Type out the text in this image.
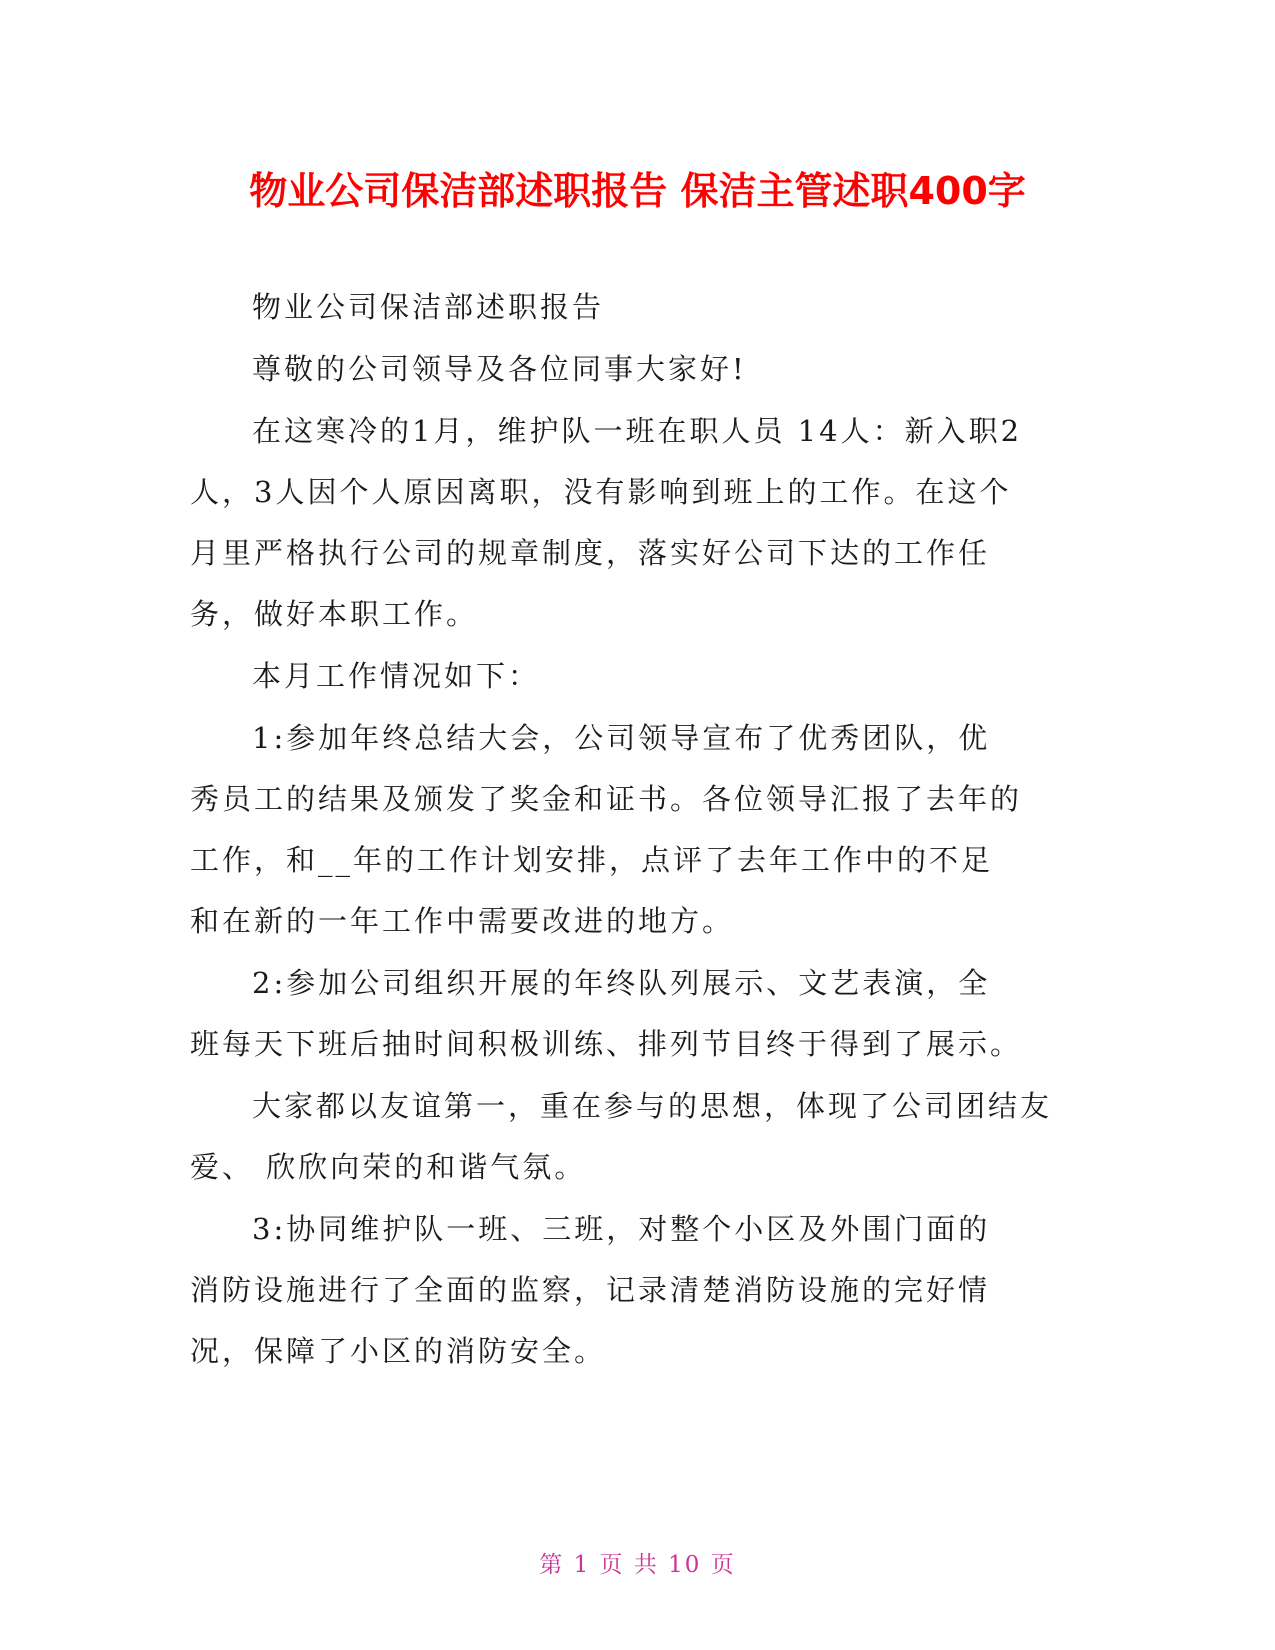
物业公司保洁部述职报告 保洁主管述职400字
物业公司保洁部述职报告
尊敬的公司领导及各位同事大家好!
在这寒冷的1月，维护队一班在职人员 14人：新入职2
人，3人因个人原因离职，没有影响到班上的工作。在这个
月里严格执行公司的规章制度，落实好公司下达的工作任
务，做好本职工作。
本月工作情况如下：
1:参加年终总结大会，公司领导宣布了优秀团队，优
秀员工的结果及颁发了奖金和证书。各位领导汇报了去年的
工作，和__年的工作计划安排，点评了去年工作中的不足
和在新的一年工作中需要改进的地方。
2:参加公司组织开展的年终队列展示、文艺表演，全
班每天下班后抽时间积极训练、排列节目终于得到了展示。
大家都以友谊第一，重在参与的思想，体现了公司团结友
爱、 欣欣向荣的和谐气氛。
3:协同维护队一班、三班，对整个小区及外围门面的
消防设施进行了全面的监察，记录清楚消防设施的完好情
况，保障了小区的消防安全。
第 1 页 共 10 页
